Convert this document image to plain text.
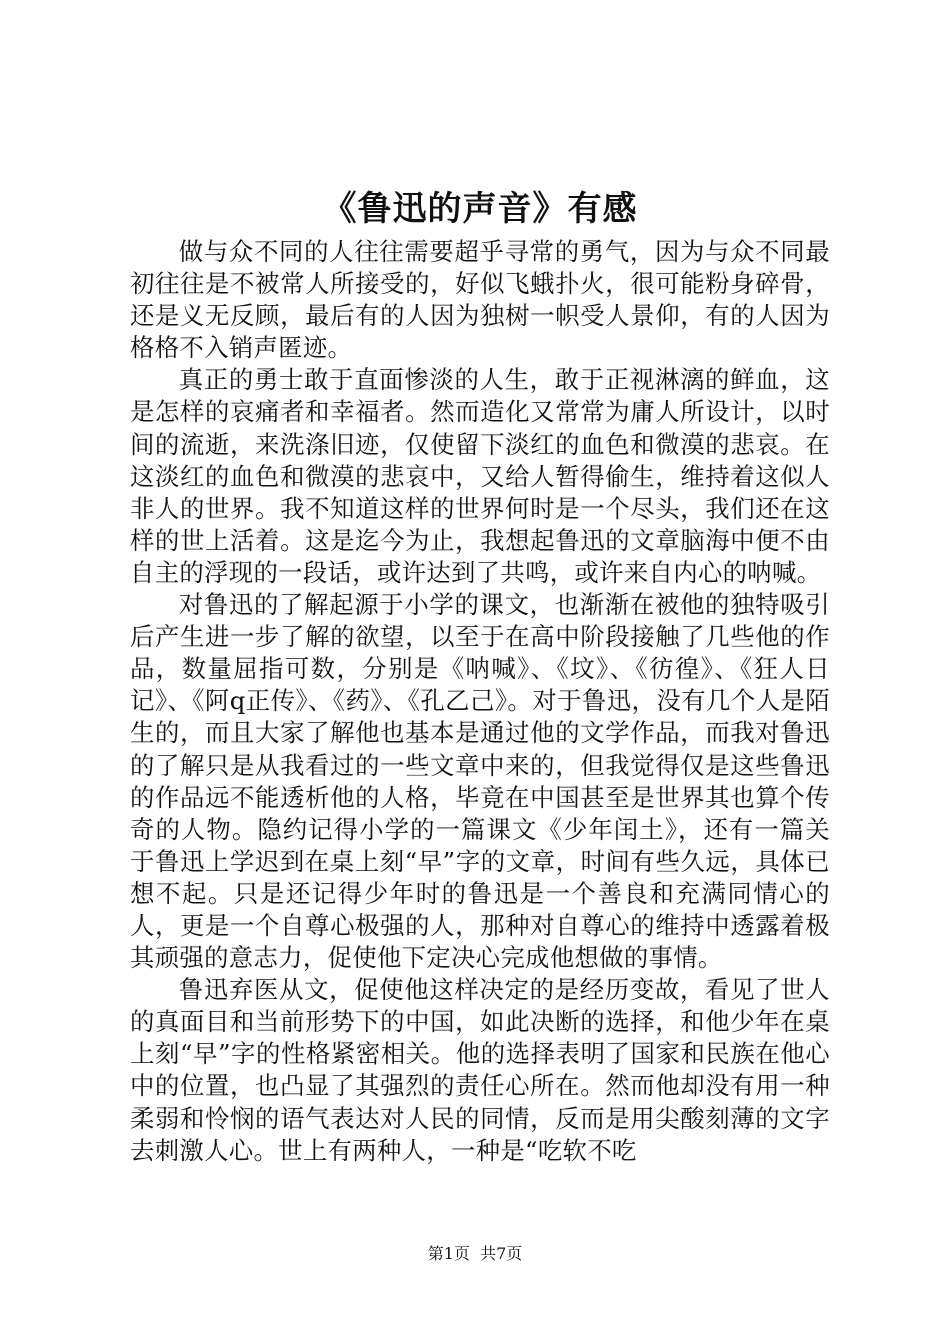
《鲁迅的声音》有感

做与众不同的人往往需要超乎寻常的勇气，因为与众不同最初往往是不被常人所接受的，好似飞蛾扑火，很可能粉身碎骨，还是义无反顾，最后有的人因为独树一帜受人景仰，有的人因为格格不入销声匿迹。

真正的勇士敢于直面惨淡的人生，敢于正视淋漓的鲜血，这是怎样的哀痛者和幸福者。然而造化又常常为庸人所设计，以时间的流逝，来洗涤旧迹，仅使留下淡红的血色和微漠的悲哀。在这淡红的血色和微漠的悲哀中，又给人暂得偷生，维持着这似人非人的世界。我不知道这样的世界何时是一个尽头，我们还在这样的世上活着。这是迄今为止，我想起鲁迅的文章脑海中便不由自主的浮现的一段话，或许达到了共鸣，或许来自内心的呐喊。

对鲁迅的了解起源于小学的课文，也渐渐在被他的独特吸引后产生进一步了解的欲望，以至于在高中阶段接触了几些他的作品，数量屈指可数，分别是《呐喊》、《坟》、《彷徨》、《狂人日记》、《阿q正传》、《药》、《孔乙己》。对于鲁迅，没有几个人是陌生的，而且大家了解他也基本是通过他的文学作品，而我对鲁迅的了解只是从我看过的一些文章中来的，但我觉得仅是这些鲁迅的作品远不能透析他的人格，毕竟在中国甚至是世界其也算个传奇的人物。隐约记得小学的一篇课文《少年闰土》，还有一篇关于鲁迅上学迟到在桌上刻“早”字的文章，时间有些久远，具体已想不起。只是还记得少年时的鲁迅是一个善良和充满同情心的人，更是一个自尊心极强的人，那种对自尊心的维持中透露着极其顽强的意志力，促使他下定决心完成他想做的事情。

鲁迅弃医从文，促使他这样决定的是经历变故，看见了世人的真面目和当前形势下的中国，如此决断的选择，和他少年在桌上刻“早”字的性格紧密相关。他的选择表明了国家和民族在他心中的位置，也凸显了其强烈的责任心所在。然而他却没有用一种柔弱和怜悯的语气表达对人民的同情，反而是用尖酸刻薄的文字去刺激人心。世上有两种人，一种是“吃软不吃

第1页 共7页
